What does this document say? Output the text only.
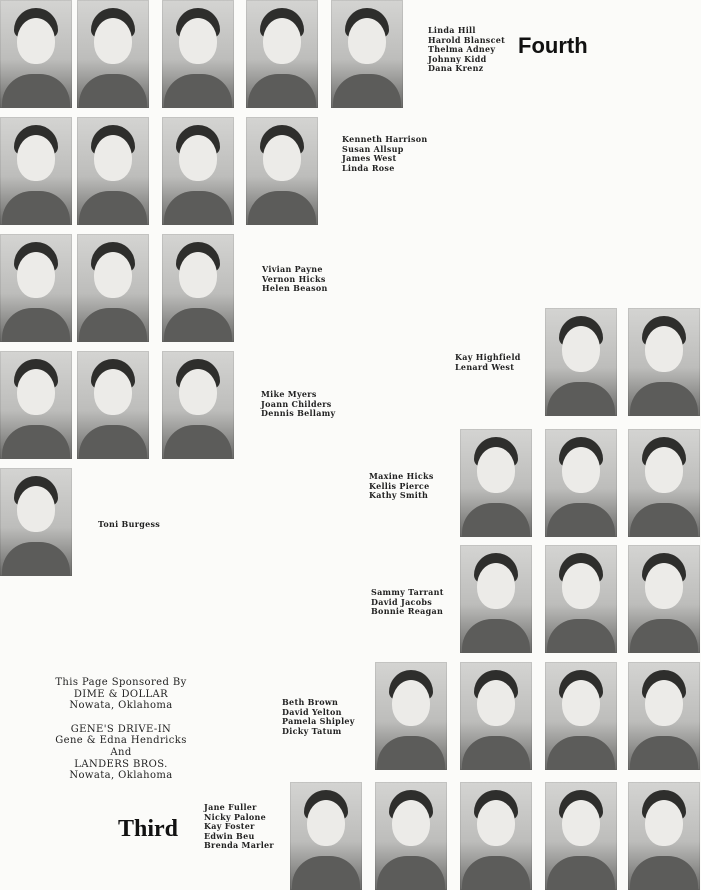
Fourth
Third
Linda Hill
Harold Blanscet
Thelma Adney
Johnny Kidd
Dana Krenz
Kenneth Harrison
Susan Allsup
James West
Linda Rose
Vivian Payne
Vernon Hicks
Helen Beason
Mike Myers
Joann Childers
Dennis Bellamy
Toni Burgess
Kay Highfield
Lenard West
Maxine Hicks
Kellis Pierce
Kathy Smith
Sammy Tarrant
David Jacobs
Bonnie Reagan
Beth Brown
David Yelton
Pamela Shipley
Dicky Tatum
Jane Fuller
Nicky Palone
Kay Foster
Edwin Beu
Brenda Marler
This Page Sponsored By
DIME & DOLLAR
Nowata, Oklahoma
GENE'S DRIVE-IN
Gene & Edna Hendricks
And
LANDERS BROS.
Nowata, Oklahoma
